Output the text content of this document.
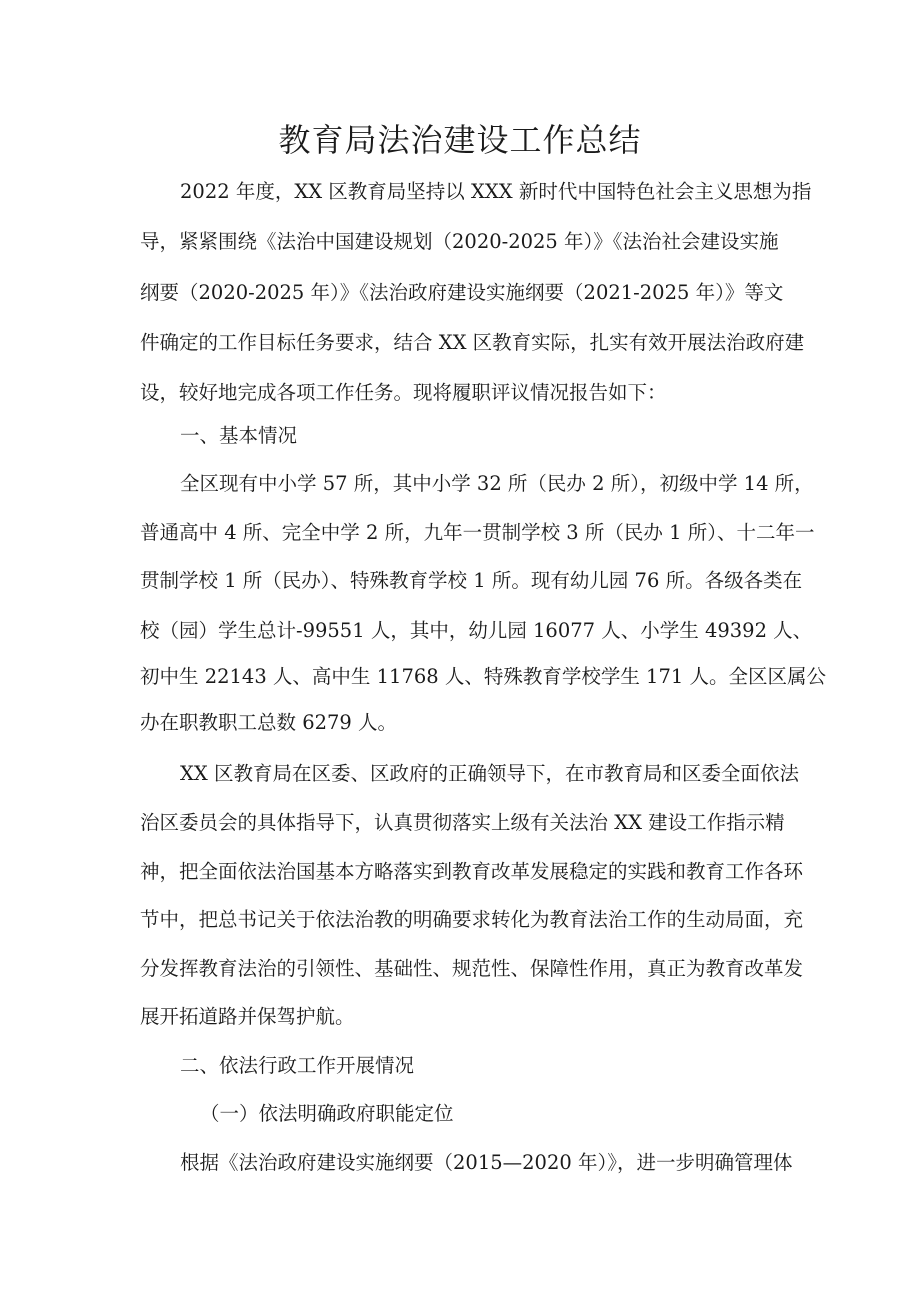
教育局法治建设工作总结

2022 年度，XX 区教育局坚持以 XXX 新时代中国特色社会主义思想为指

导，紧紧围绕《法治中国建设规划（2020-2025 年）》《法治社会建设实施

纲要（2020-2025 年）》《法治政府建设实施纲要（2021-2025 年）》等文

件确定的工作目标任务要求，结合 XX 区教育实际，扎实有效开展法治政府建

设，较好地完成各项工作任务。现将履职评议情况报告如下：

一、基本情况

全区现有中小学 57 所，其中小学 32 所（民办 2 所），初级中学 14 所，

普通高中 4 所、完全中学 2 所，九年一贯制学校 3 所（民办 1 所）、十二年一

贯制学校 1 所（民办）、特殊教育学校 1 所。现有幼儿园 76 所。各级各类在

校（园）学生总计-99551 人，其中，幼儿园 16077 人、小学生 49392 人、

初中生 22143 人、高中生 11768 人、特殊教育学校学生 171 人。全区区属公

办在职教职工总数 6279 人。

XX 区教育局在区委、区政府的正确领导下，在市教育局和区委全面依法

治区委员会的具体指导下，认真贯彻落实上级有关法治 XX 建设工作指示精

神，把全面依法治国基本方略落实到教育改革发展稳定的实践和教育工作各环

节中，把总书记关于依法治教的明确要求转化为教育法治工作的生动局面，充

分发挥教育法治的引领性、基础性、规范性、保障性作用，真正为教育改革发

展开拓道路并保驾护航。

二、依法行政工作开展情况

（一）依法明确政府职能定位

根据《法治政府建设实施纲要（2015—2020 年）》，进一步明确管理体
